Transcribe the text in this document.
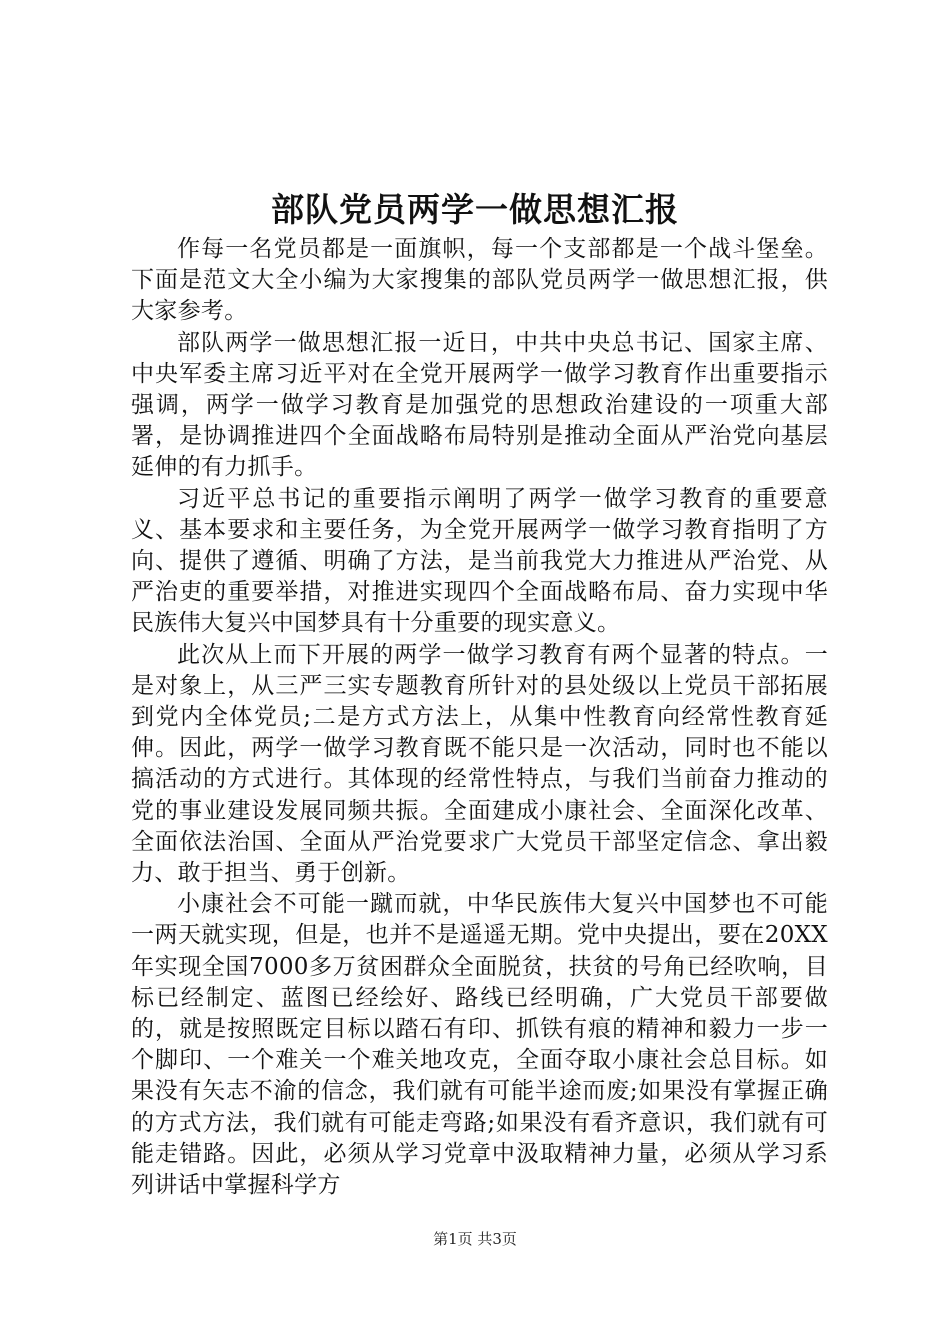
部队党员两学一做思想汇报

作每一名党员都是一面旗帜，每一个支部都是一个战斗堡垒。下面是范文大全小编为大家搜集的部队党员两学一做思想汇报，供大家参考。

部队两学一做思想汇报一近日，中共中央总书记、国家主席、中央军委主席习近平对在全党开展两学一做学习教育作出重要指示强调，两学一做学习教育是加强党的思想政治建设的一项重大部署，是协调推进四个全面战略布局特别是推动全面从严治党向基层延伸的有力抓手。

习近平总书记的重要指示阐明了两学一做学习教育的重要意义、基本要求和主要任务，为全党开展两学一做学习教育指明了方向、提供了遵循、明确了方法，是当前我党大力推进从严治党、从严治吏的重要举措，对推进实现四个全面战略布局、奋力实现中华民族伟大复兴中国梦具有十分重要的现实意义。

此次从上而下开展的两学一做学习教育有两个显著的特点。一是对象上，从三严三实专题教育所针对的县处级以上党员干部拓展到党内全体党员;二是方式方法上，从集中性教育向经常性教育延伸。因此，两学一做学习教育既不能只是一次活动，同时也不能以搞活动的方式进行。其体现的经常性特点，与我们当前奋力推动的党的事业建设发展同频共振。全面建成小康社会、全面深化改革、全面依法治国、全面从严治党要求广大党员干部坚定信念、拿出毅力、敢于担当、勇于创新。

小康社会不可能一蹴而就，中华民族伟大复兴中国梦也不可能一两天就实现，但是，也并不是遥遥无期。党中央提出，要在20XX年实现全国7000多万贫困群众全面脱贫，扶贫的号角已经吹响，目标已经制定、蓝图已经绘好、路线已经明确，广大党员干部要做的，就是按照既定目标以踏石有印、抓铁有痕的精神和毅力一步一个脚印、一个难关一个难关地攻克，全面夺取小康社会总目标。如果没有矢志不渝的信念，我们就有可能半途而废;如果没有掌握正确的方式方法，我们就有可能走弯路;如果没有看齐意识，我们就有可能走错路。因此，必须从学习党章中汲取精神力量，必须从学习系列讲话中掌握科学方

第1页 共3页
